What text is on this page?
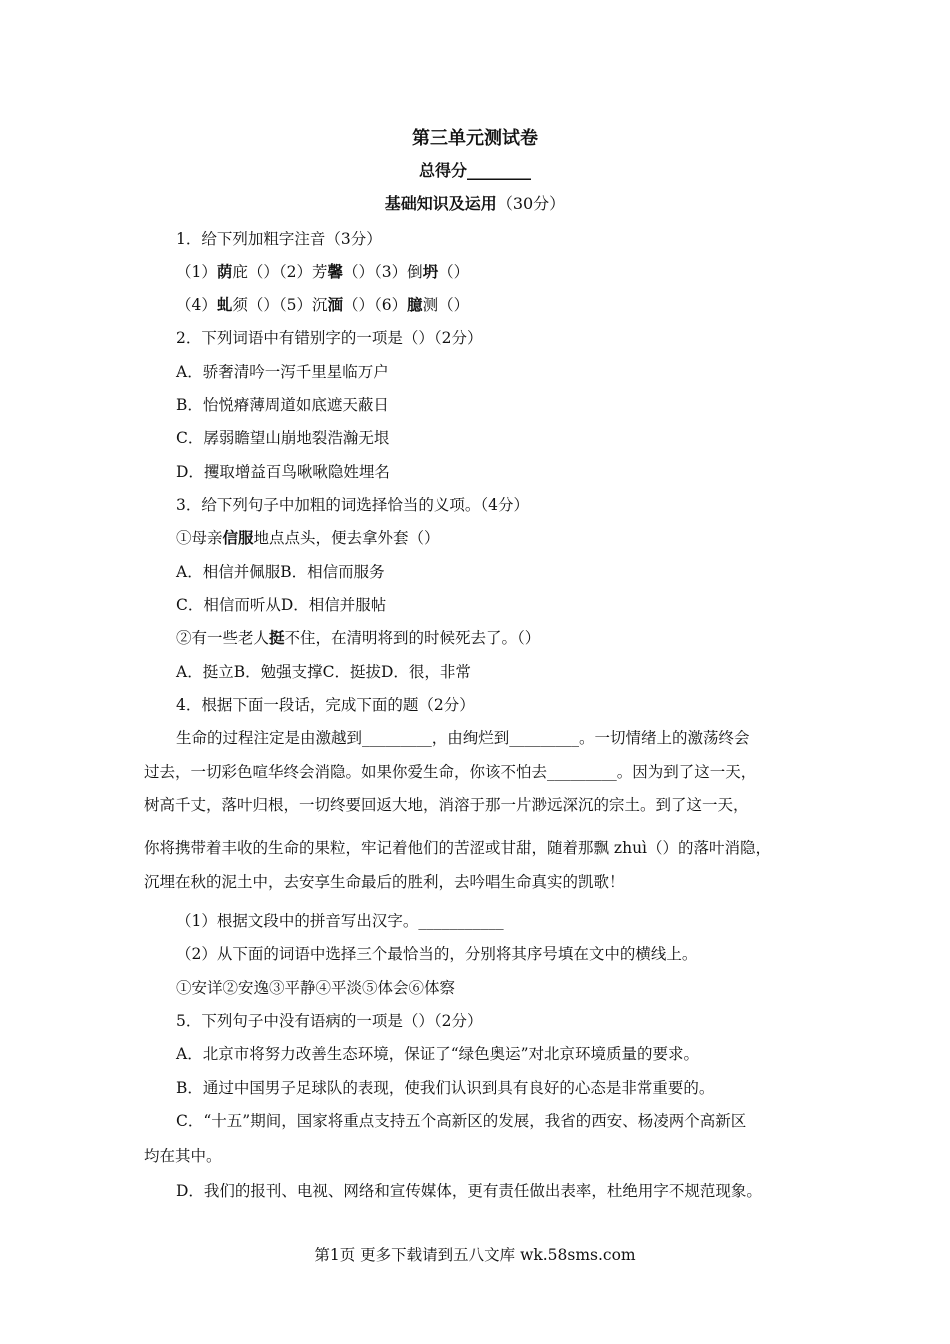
第三单元测试卷
总得分________
基础知识及运用（30分）
1．给下列加粗字注音（3分）
（1）荫庇（）（2）芳馨（）（3）倒坍（）
（4）虬须（）（5）沉湎（）（6）臆测（）
2．下列词语中有错别字的一项是（）（2分）
A．骄奢清吟一泻千里星临万户
B．怡悦瘠薄周道如底遮天蔽日
C．孱弱瞻望山崩地裂浩瀚无垠
D．攫取增益百鸟啾啾隐姓埋名
3．给下列句子中加粗的词选择恰当的义项。（4分）
①母亲信服地点点头，便去拿外套（）
A．相信并佩服B．相信而服务
C．相信而听从D．相信并服帖
②有一些老人挺不住，在清明将到的时候死去了。（）
A．挺立B．勉强支撑C．挺拔D．很，非常
4．根据下面一段话，完成下面的题（2分）
生命的过程注定是由激越到_________，由绚烂到_________。一切情绪上的激荡终会
过去，一切彩色喧华终会消隐。如果你爱生命，你该不怕去_________。因为到了这一天，
树高千丈，落叶归根，一切终要回返大地，消溶于那一片渺远深沉的宗土。到了这一天，
你将携带着丰收的生命的果粒，牢记着他们的苦涩或甘甜，随着那飘 zhuì（）的落叶消隐，
沉埋在秋的泥土中，去安享生命最后的胜利，去吟唱生命真实的凯歌！
（1）根据文段中的拼音写出汉字。___________
（2）从下面的词语中选择三个最恰当的，分别将其序号填在文中的横线上。
①安详②安逸③平静④平淡⑤体会⑥体察
5．下列句子中没有语病的一项是（）（2分）
A．北京市将努力改善生态环境，保证了“绿色奥运”对北京环境质量的要求。
B．通过中国男子足球队的表现，使我们认识到具有良好的心态是非常重要的。
C．“十五”期间，国家将重点支持五个高新区的发展，我省的西安、杨凌两个高新区
均在其中。
D．我们的报刊、电视、网络和宣传媒体，更有责任做出表率，杜绝用字不规范现象。
第1页 更多下载请到五八文库 wk.58sms.com
